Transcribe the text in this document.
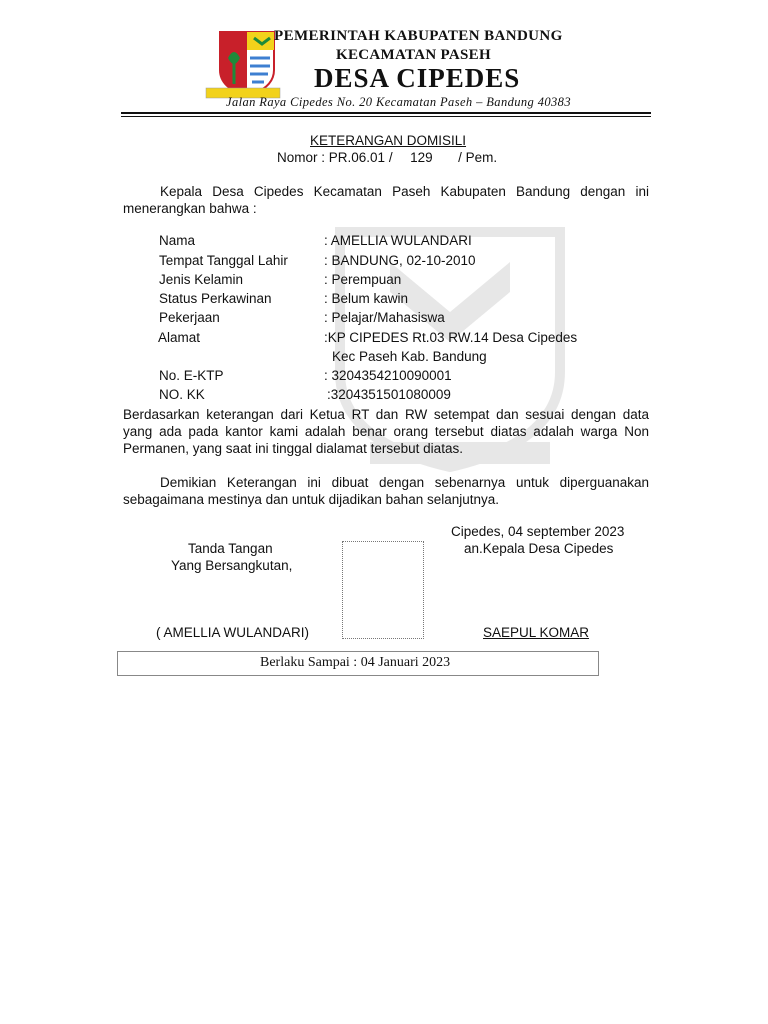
PEMERINTAH KABUPATEN BANDUNG
KECAMATAN PASEH
DESA CIPEDES
Jalan Raya Cipedes No. 20 Kecamatan Paseh – Bandung 40383
KETERANGAN DOMISILI
Nomor : PR.06.01 / 129 / Pem.
Kepala Desa Cipedes Kecamatan Paseh Kabupaten Bandung dengan ini menerangkan bahwa :
Nama	: AMELLIA WULANDARI
Tempat Tanggal Lahir	: BANDUNG, 02-10-2010
Jenis Kelamin	: Perempuan
Status Perkawinan	: Belum kawin
Pekerjaan	: Pelajar/Mahasiswa
Alamat	:KP CIPEDES Rt.03 RW.14 Desa Cipedes
Kec Paseh Kab. Bandung
No. E-KTP	: 3204354210090001
NO. KK	:3204351501080009
Berdasarkan keterangan dari Ketua RT dan RW setempat dan sesuai dengan data yang ada pada kantor kami adalah benar orang tersebut diatas adalah warga Non Permanen, yang saat ini tinggal dialamat tersebut diatas.
Demikian Keterangan ini dibuat dengan sebenarnya untuk diperguanakan sebagaimana mestinya dan untuk dijadikan bahan selanjutnya.
Cipedes, 04 september 2023
an.Kepala Desa Cipedes
Tanda Tangan
Yang Bersangkutan,
( AMELLIA WULANDARI)	SAEPUL KOMAR
Berlaku Sampai : 04 Januari 2023
